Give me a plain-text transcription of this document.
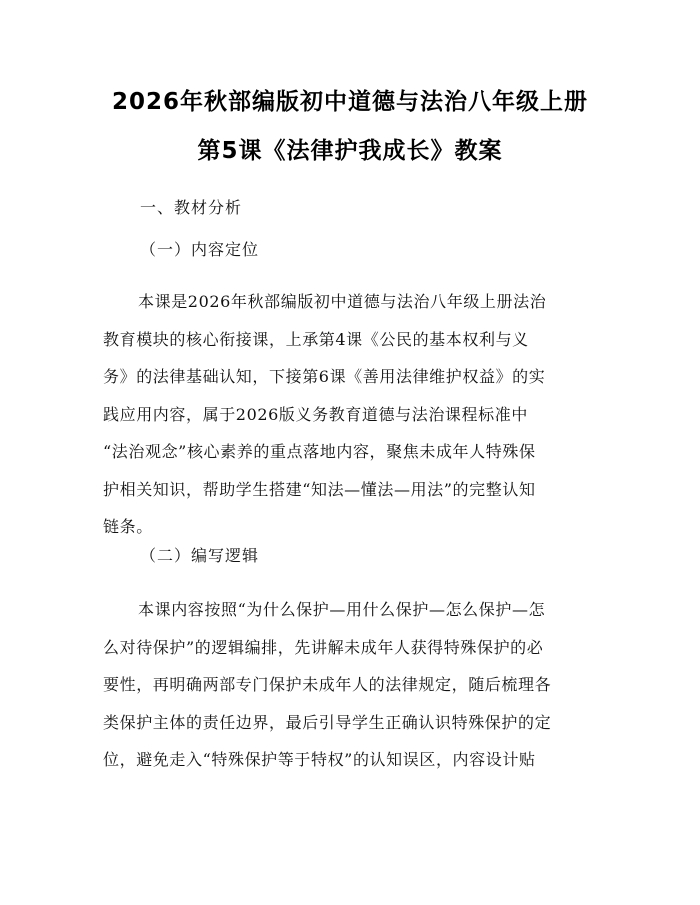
2026年秋部编版初中道德与法治八年级上册
第5课《法律护我成长》教案

一、教材分析

（一）内容定位

本课是2026年秋部编版初中道德与法治八年级上册法治
教育模块的核心衔接课，上承第4课《公民的基本权利与义
务》的法律基础认知，下接第6课《善用法律维护权益》的实
践应用内容，属于2026版义务教育道德与法治课程标准中
“法治观念”核心素养的重点落地内容，聚焦未成年人特殊保
护相关知识，帮助学生搭建“知法—懂法—用法”的完整认知
链条。

（二）编写逻辑

本课内容按照“为什么保护—用什么保护—怎么保护—怎
么对待保护”的逻辑编排，先讲解未成年人获得特殊保护的必
要性，再明确两部专门保护未成年人的法律规定，随后梳理各
类保护主体的责任边界，最后引导学生正确认识特殊保护的定
位，避免走入“特殊保护等于特权”的认知误区，内容设计贴
